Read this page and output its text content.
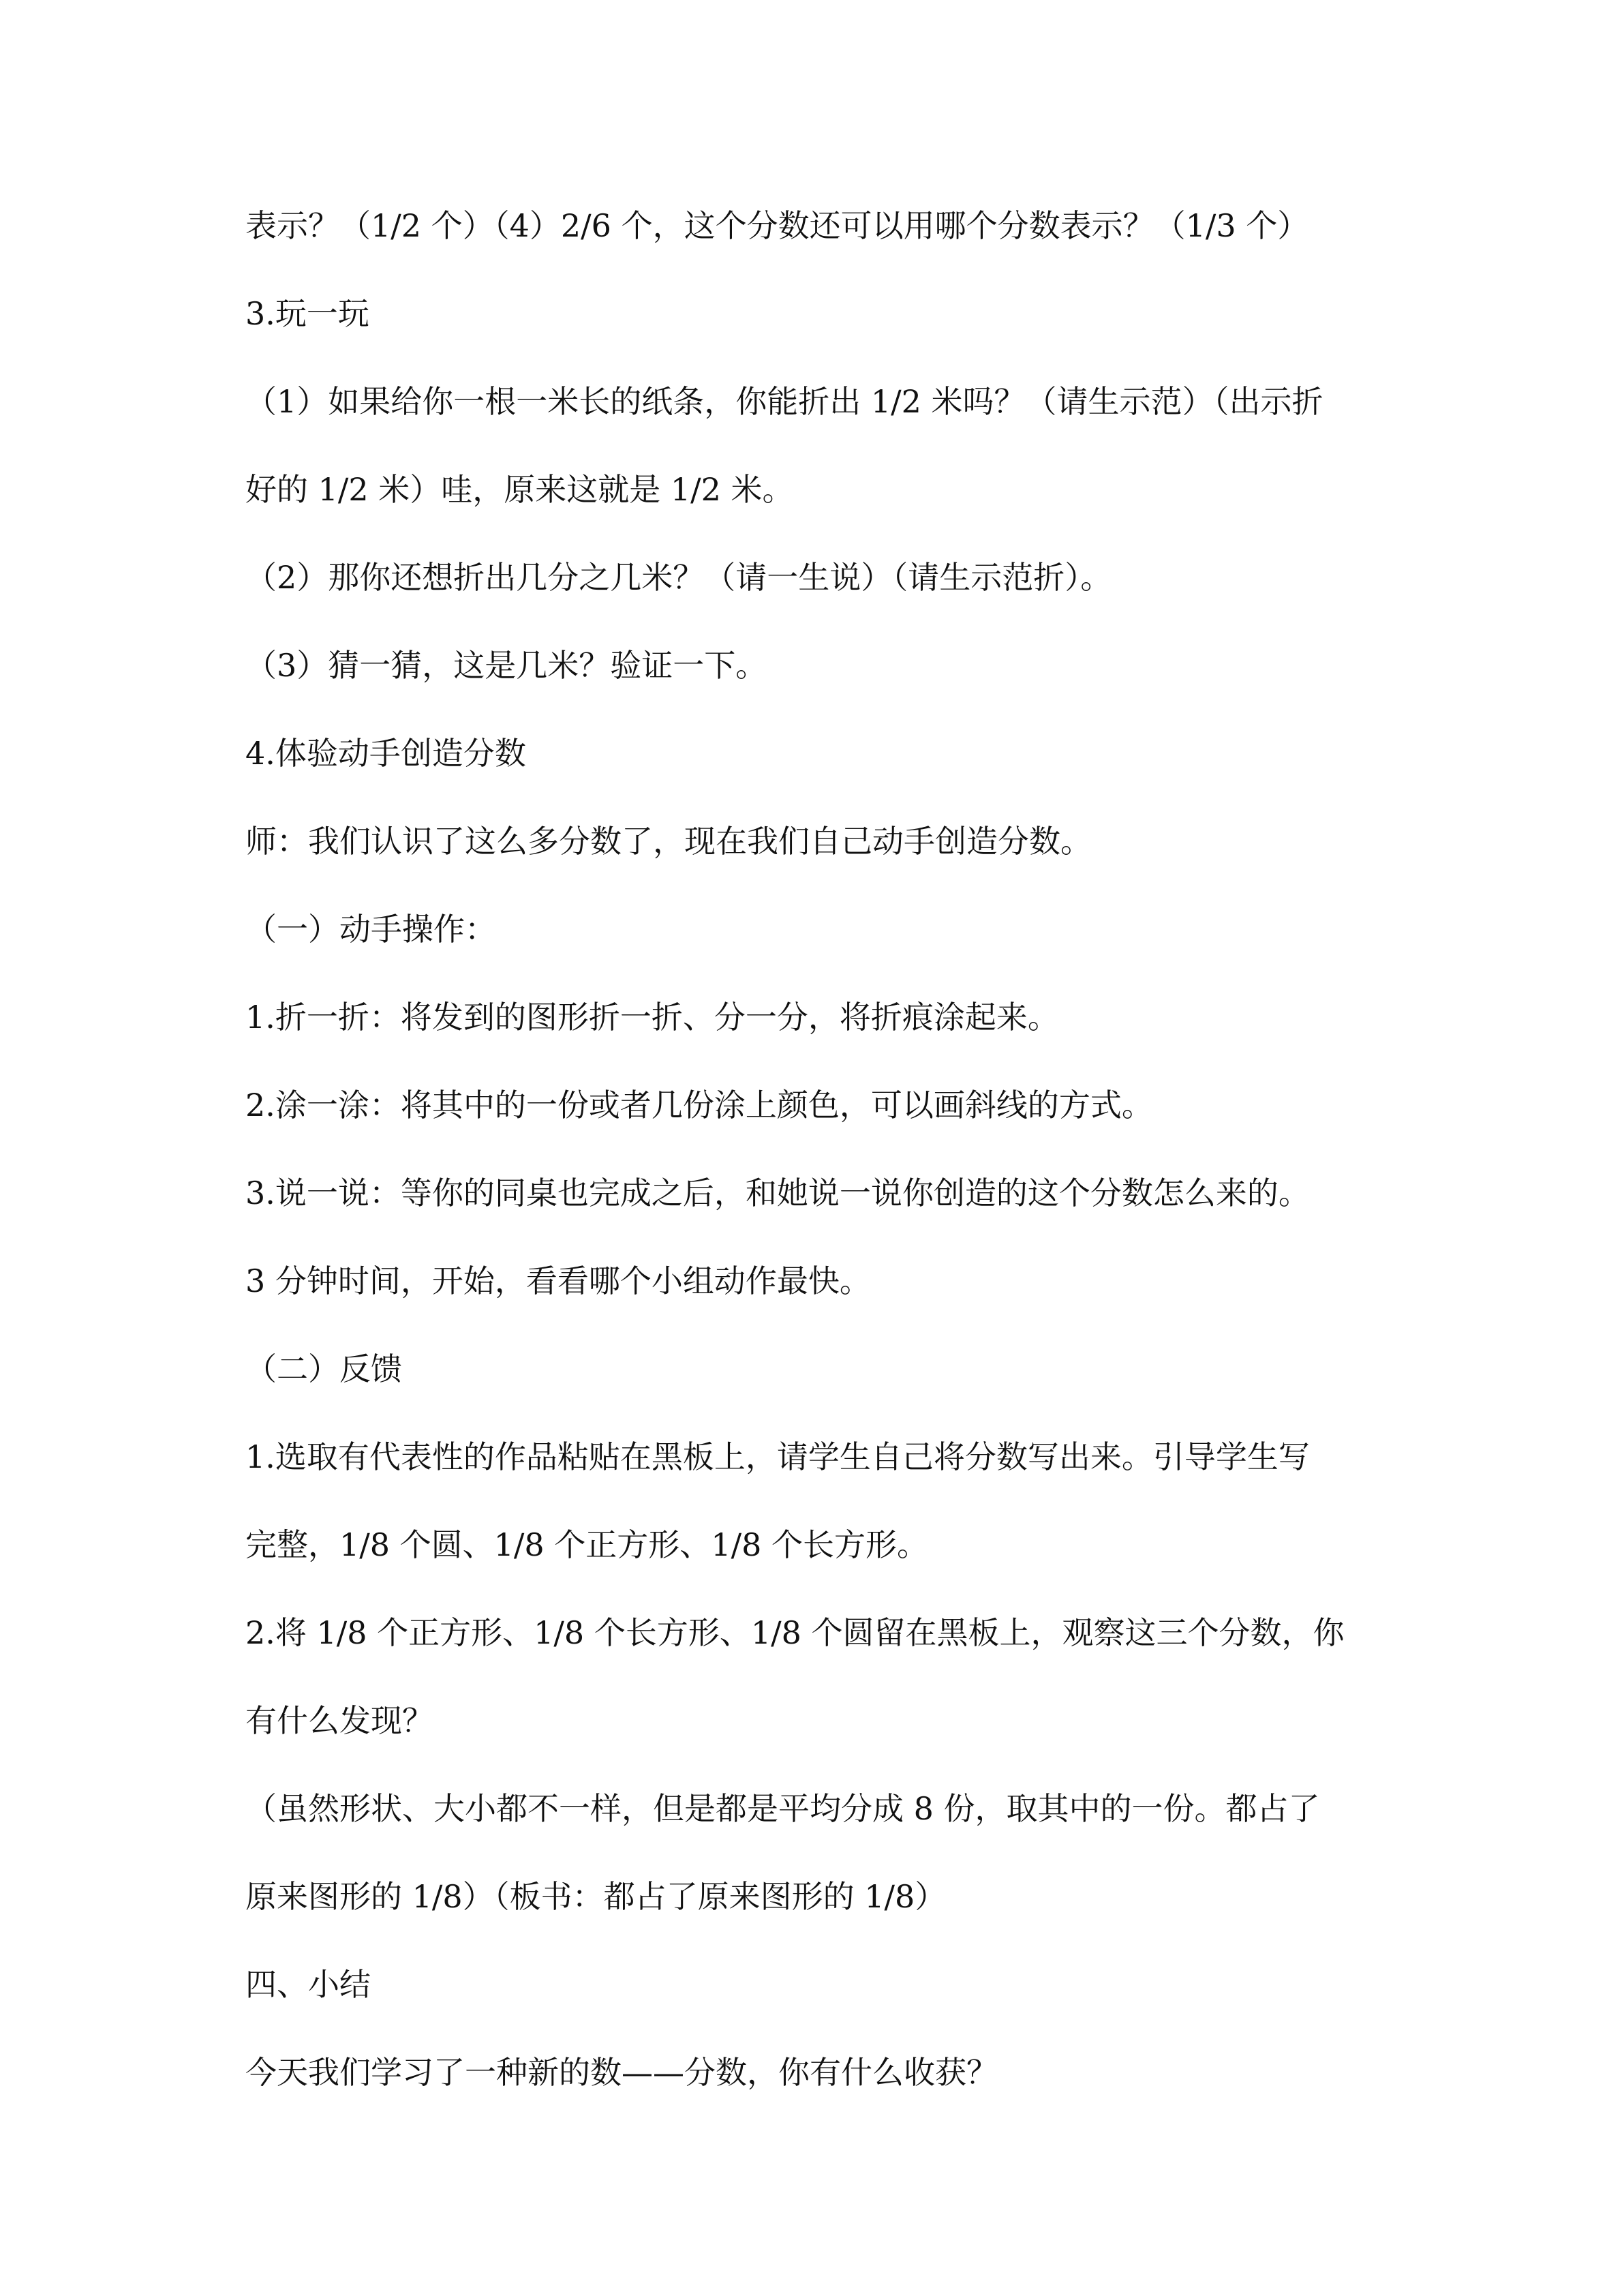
表示？（1/2 个）（4）2/6 个，这个分数还可以用哪个分数表示？（1/3 个）
3.玩一玩
（1）如果给你一根一米长的纸条，你能折出 1/2 米吗？（请生示范）（出示折
好的 1/2 米）哇，原来这就是 1/2 米。
（2）那你还想折出几分之几米？（请一生说）（请生示范折）。
（3）猜一猜，这是几米？验证一下。
4.体验动手创造分数
师：我们认识了这么多分数了，现在我们自己动手创造分数。
（一）动手操作：
1.折一折：将发到的图形折一折、分一分，将折痕涂起来。
2.涂一涂：将其中的一份或者几份涂上颜色，可以画斜线的方式。
3.说一说：等你的同桌也完成之后，和她说一说你创造的这个分数怎么来的。
3 分钟时间，开始，看看哪个小组动作最快。
（二）反馈
1.选取有代表性的作品粘贴在黑板上，请学生自己将分数写出来。引导学生写
完整，1/8 个圆、1/8 个正方形、1/8 个长方形。
2.将 1/8 个正方形、1/8 个长方形、1/8 个圆留在黑板上，观察这三个分数，你
有什么发现？
（虽然形状、大小都不一样，但是都是平均分成 8 份，取其中的一份。都占了
原来图形的 1/8）（板书：都占了原来图形的 1/8）
四、小结
今天我们学习了一种新的数——分数，你有什么收获？
